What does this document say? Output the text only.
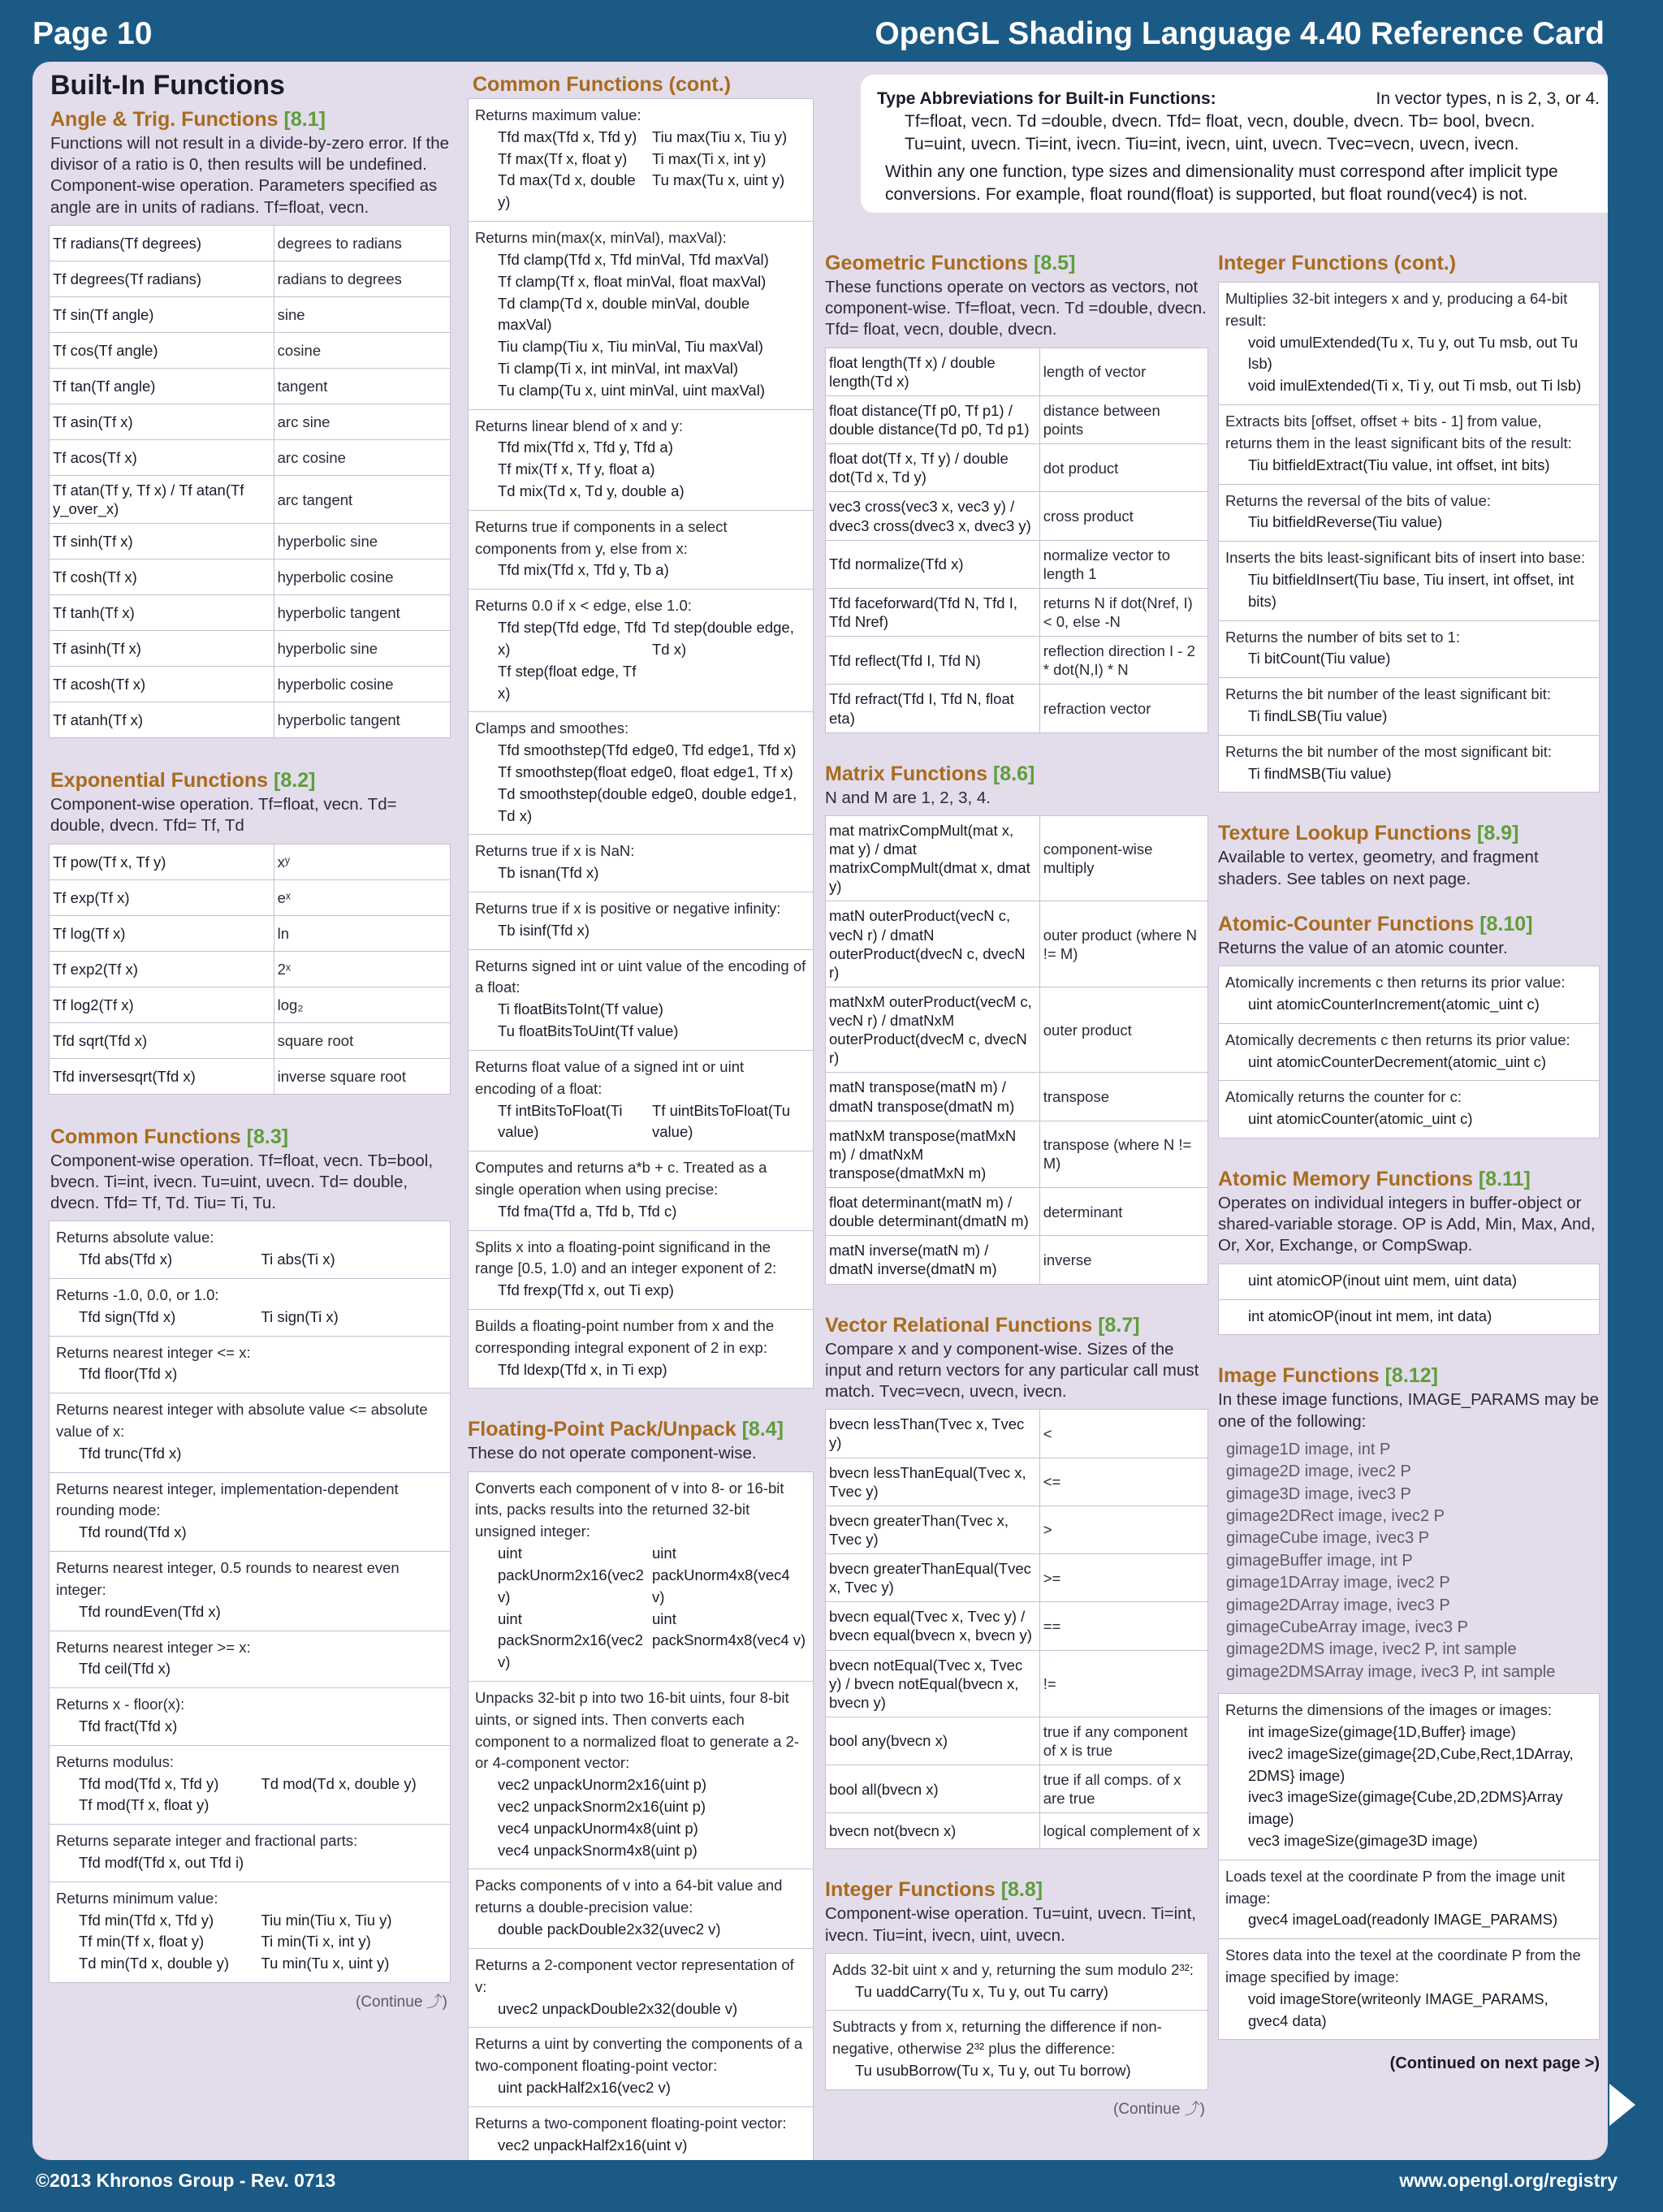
Page 10	OpenGL Shading Language 4.40 Reference Card
Built-In Functions
Angle & Trig. Functions [8.1]
Functions will not result in a divide-by-zero error. If the divisor of a ratio is 0, then results will be undefined. Component-wise operation. Parameters specified as angle are in units of radians. Tf=float, vecn.
Tf radians(Tf degrees)	degrees to radians
Tf degrees(Tf radians)	radians to degrees
Tf sin(Tf angle)	sine
Tf cos(Tf angle)	cosine
Tf tan(Tf angle)	tangent
Tf asin(Tf x)	arc sine
Tf acos(Tf x)	arc cosine
Tf atan(Tf y, Tf x) / Tf atan(Tf y_over_x)	arc tangent
Tf sinh(Tf x)	hyperbolic sine
Tf cosh(Tf x)	hyperbolic cosine
Tf tanh(Tf x)	hyperbolic tangent
Tf asinh(Tf x)	hyperbolic sine
Tf acosh(Tf x)	hyperbolic cosine
Tf atanh(Tf x)	hyperbolic tangent
Exponential Functions [8.2]
Component-wise operation. Tf=float, vecn. Td= double, dvecn. Tfd= Tf, Td
Tf pow(Tf x, Tf y)	xʸ
Tf exp(Tf x)	eˣ
Tf log(Tf x)	ln
Tf exp2(Tf x)	2ˣ
Tf log2(Tf x)	log₂
Tfd sqrt(Tfd x)	square root
Tfd inversesqrt(Tfd x)	inverse square root
Common Functions [8.3]
Component-wise operation. Tf=float, vecn. Tb=bool, bvecn. Ti=int, ivecn. Tu=uint, uvecn. Td= double, dvecn. Tfd= Tf, Td. Tiu= Ti, Tu.
Returns absolute value:
Tfd abs(Tfd x)	Ti abs(Ti x)
Returns -1.0, 0.0, or 1.0:
Tfd sign(Tfd x)	Ti sign(Ti x)
Returns nearest integer <= x:
Tfd floor(Tfd x)
Returns nearest integer with absolute value <= absolute value of x:
Tfd trunc(Tfd x)
Returns nearest integer, implementation-dependent rounding mode:
Tfd round(Tfd x)
Returns nearest integer, 0.5 rounds to nearest even integer:
Tfd roundEven(Tfd x)
Returns nearest integer >= x:
Tfd ceil(Tfd x)
Returns x - floor(x):
Tfd fract(Tfd x)
Returns modulus:
Tfd mod(Tfd x, Tfd y)
Tf mod(Tf x, float y)
Td mod(Td x, double y)
Returns separate integer and fractional parts:
Tfd modf(Tfd x, out Tfd i)
Returns minimum value:
Tfd min(Tfd x, Tfd y)
Tf min(Tf x, float y)
Td min(Td x, double y)
Tiu min(Tiu x, Tiu y)
Ti min(Ti x, int y)
Tu min(Tu x, uint y)
(Continue ⤴)
Common Functions (cont.)
Returns maximum value:
Tfd max(Tfd x, Tfd y)
Tf max(Tf x, float y)
Td max(Td x, double y)
Tiu max(Tiu x, Tiu y)
Ti max(Ti x, int y)
Tu max(Tu x, uint y)
Returns min(max(x, minVal), maxVal):
Tfd clamp(Tfd x, Tfd minVal, Tfd maxVal)
Tf clamp(Tf x, float minVal, float maxVal)
Td clamp(Td x, double minVal, double maxVal)
Tiu clamp(Tiu x, Tiu minVal, Tiu maxVal)
Ti clamp(Ti x, int minVal, int maxVal)
Tu clamp(Tu x, uint minVal, uint maxVal)
Returns linear blend of x and y:
Tfd mix(Tfd x, Tfd y, Tfd a)
Tf mix(Tf x, Tf y, float a)
Td mix(Td x, Td y, double a)
Returns true if components in a select components from y, else from x:
Tfd mix(Tfd x, Tfd y, Tb a)
Returns 0.0 if x < edge, else 1.0:
Tfd step(Tfd edge, Tfd x)
Tf step(float edge, Tf x)
Td step(double edge, Td x)
Clamps and smoothes:
Tfd smoothstep(Tfd edge0, Tfd edge1, Tfd x)
Tf smoothstep(float edge0, float edge1, Tf x)
Td smoothstep(double edge0, double edge1, Td x)
Returns true if x is NaN:
Tb isnan(Tfd x)
Returns true if x is positive or negative infinity:
Tb isinf(Tfd x)
Returns signed int or uint value of the encoding of a float:
Ti floatBitsToInt(Tf value)
Tu floatBitsToUint(Tf value)
Returns float value of a signed int or uint encoding of a float:
Tf intBitsToFloat(Ti value)
Tf uintBitsToFloat(Tu value)
Computes and returns a*b + c. Treated as a single operation when using precise:
Tfd fma(Tfd a, Tfd b, Tfd c)
Splits x into a floating-point significand in the range [0.5, 1.0) and an integer exponent of 2:
Tfd frexp(Tfd x, out Ti exp)
Builds a floating-point number from x and the corresponding integral exponent of 2 in exp:
Tfd ldexp(Tfd x, in Ti exp)
Floating-Point Pack/Unpack [8.4]
These do not operate component-wise.
Converts each component of v into 8- or 16-bit ints, packs results into the returned 32-bit unsigned integer:
uint packUnorm2x16(vec2 v)
uint packSnorm2x16(vec2 v)
uint packUnorm4x8(vec4 v)
uint packSnorm4x8(vec4 v)
Unpacks 32-bit p into two 16-bit uints, four 8-bit uints, or signed ints. Then converts each component to a normalized float to generate a 2- or 4-component vector:
vec2 unpackUnorm2x16(uint p)
vec2 unpackSnorm2x16(uint p)
vec4 unpackUnorm4x8(uint p)
vec4 unpackSnorm4x8(uint p)
Packs components of v into a 64-bit value and returns a double-precision value:
double packDouble2x32(uvec2 v)
Returns a 2-component vector representation of v:
uvec2 unpackDouble2x32(double v)
Returns a uint by converting the components of a two-component floating-point vector:
uint packHalf2x16(vec2 v)
Returns a two-component floating-point vector:
vec2 unpackHalf2x16(uint v)
Type Abbreviations for Built-in Functions:	In vector types, n is 2, 3, or 4.
Tf=float, vecn. Td =double, dvecn. Tfd= float, vecn, double, dvecn. Tb= bool, bvecn.
Tu=uint, uvecn. Ti=int, ivecn. Tiu=int, ivecn, uint, uvecn. Tvec=vecn, uvecn, ivecn.
Within any one function, type sizes and dimensionality must correspond after implicit type conversions. For example, float round(float) is supported, but float round(vec4) is not.
Geometric Functions [8.5]
These functions operate on vectors as vectors, not component-wise. Tf=float, vecn. Td =double, dvecn. Tfd= float, vecn, double, dvecn.
float length(Tf x) / double length(Td x)	length of vector
float distance(Tf p0, Tf p1) / double distance(Td p0, Td p1)	distance between points
float dot(Tf x, Tf y) / double dot(Td x, Td y)	dot product
vec3 cross(vec3 x, vec3 y) / dvec3 cross(dvec3 x, dvec3 y)	cross product
Tfd normalize(Tfd x)	normalize vector to length 1
Tfd faceforward(Tfd N, Tfd I, Tfd Nref)	returns N if dot(Nref, I) < 0, else -N
Tfd reflect(Tfd I, Tfd N)	reflection direction I - 2 * dot(N,I) * N
Tfd refract(Tfd I, Tfd N, float eta)	refraction vector
Matrix Functions [8.6]
N and M are 1, 2, 3, 4.
mat matrixCompMult(mat x, mat y) / dmat matrixCompMult(dmat x, dmat y)	component-wise multiply
matN outerProduct(vecN c, vecN r) / dmatN outerProduct(dvecN c, dvecN r)	outer product (where N != M)
matNxM outerProduct(vecM c, vecN r) / dmatNxM outerProduct(dvecM c, dvecN r)	outer product
matN transpose(matN m) / dmatN transpose(dmatN m)	transpose
matNxM transpose(matMxN m) / dmatNxM transpose(dmatMxN m)	transpose (where N != M)
float determinant(matN m) / double determinant(dmatN m)	determinant
matN inverse(matN m) / dmatN inverse(dmatN m)	inverse
Vector Relational Functions [8.7]
Compare x and y component-wise. Sizes of the input and return vectors for any particular call must match. Tvec=vecn, uvecn, ivecn.
bvecn lessThan(Tvec x, Tvec y)	<
bvecn lessThanEqual(Tvec x, Tvec y)	<=
bvecn greaterThan(Tvec x, Tvec y)	>
bvecn greaterThanEqual(Tvec x, Tvec y)	>=
bvecn equal(Tvec x, Tvec y) / bvecn equal(bvecn x, bvecn y)	==
bvecn notEqual(Tvec x, Tvec y) / bvecn notEqual(bvecn x, bvecn y)	!=
bool any(bvecn x)	true if any component of x is true
bool all(bvecn x)	true if all comps. of x are true
bvecn not(bvecn x)	logical complement of x
Integer Functions [8.8]
Component-wise operation. Tu=uint, uvecn. Ti=int, ivecn. Tiu=int, ivecn, uint, uvecn.
Adds 32-bit uint x and y, returning the sum modulo 2³²:
Tu uaddCarry(Tu x, Tu y, out Tu carry)
Subtracts y from x, returning the difference if non-negative, otherwise 2³² plus the difference:
Tu usubBorrow(Tu x, Tu y, out Tu borrow)
(Continue ⤴)
Integer Functions (cont.)
Multiplies 32-bit integers x and y, producing a 64-bit result:
void umulExtended(Tu x, Tu y, out Tu msb, out Tu lsb)
void imulExtended(Ti x, Ti y, out Ti msb, out Ti lsb)
Extracts bits [offset, offset + bits - 1] from value, returns them in the least significant bits of the result:
Tiu bitfieldExtract(Tiu value, int offset, int bits)
Returns the reversal of the bits of value:
Tiu bitfieldReverse(Tiu value)
Inserts the bits least-significant bits of insert into base:
Tiu bitfieldInsert(Tiu base, Tiu insert, int offset, int bits)
Returns the number of bits set to 1:
Ti bitCount(Tiu value)
Returns the bit number of the least significant bit:
Ti findLSB(Tiu value)
Returns the bit number of the most significant bit:
Ti findMSB(Tiu value)
Texture Lookup Functions [8.9]
Available to vertex, geometry, and fragment shaders. See tables on next page.
Atomic-Counter Functions [8.10]
Returns the value of an atomic counter.
Atomically increments c then returns its prior value:
uint atomicCounterIncrement(atomic_uint c)
Atomically decrements c then returns its prior value:
uint atomicCounterDecrement(atomic_uint c)
Atomically returns the counter for c:
uint atomicCounter(atomic_uint c)
Atomic Memory Functions [8.11]
Operates on individual integers in buffer-object or shared-variable storage. OP is Add, Min, Max, And, Or, Xor, Exchange, or CompSwap.
uint atomicOP(inout uint mem, uint data)
int atomicOP(inout int mem, int data)
Image Functions [8.12]
In these image functions, IMAGE_PARAMS may be one of the following:
gimage1D image, int P
gimage2D image, ivec2 P
gimage3D image, ivec3 P
gimage2DRect image, ivec2 P
gimageCube image, ivec3 P
gimageBuffer image, int P
gimage1DArray image, ivec2 P
gimage2DArray image, ivec3 P
gimageCubeArray image, ivec3 P
gimage2DMS image, ivec2 P, int sample
gimage2DMSArray image, ivec3 P, int sample
Returns the dimensions of the images or images:
int imageSize(gimage{1D,Buffer} image)
ivec2 imageSize(gimage{2D,Cube,Rect,1DArray, 2DMS} image)
ivec3 imageSize(gimage{Cube,2D,2DMS}Array image)
vec3 imageSize(gimage3D image)
Loads texel at the coordinate P from the image unit image:
gvec4 imageLoad(readonly IMAGE_PARAMS)
Stores data into the texel at the coordinate P from the image specified by image:
void imageStore(writeonly IMAGE_PARAMS, gvec4 data)
(Continued on next page >)
©2013 Khronos Group - Rev. 0713	www.opengl.org/registry
